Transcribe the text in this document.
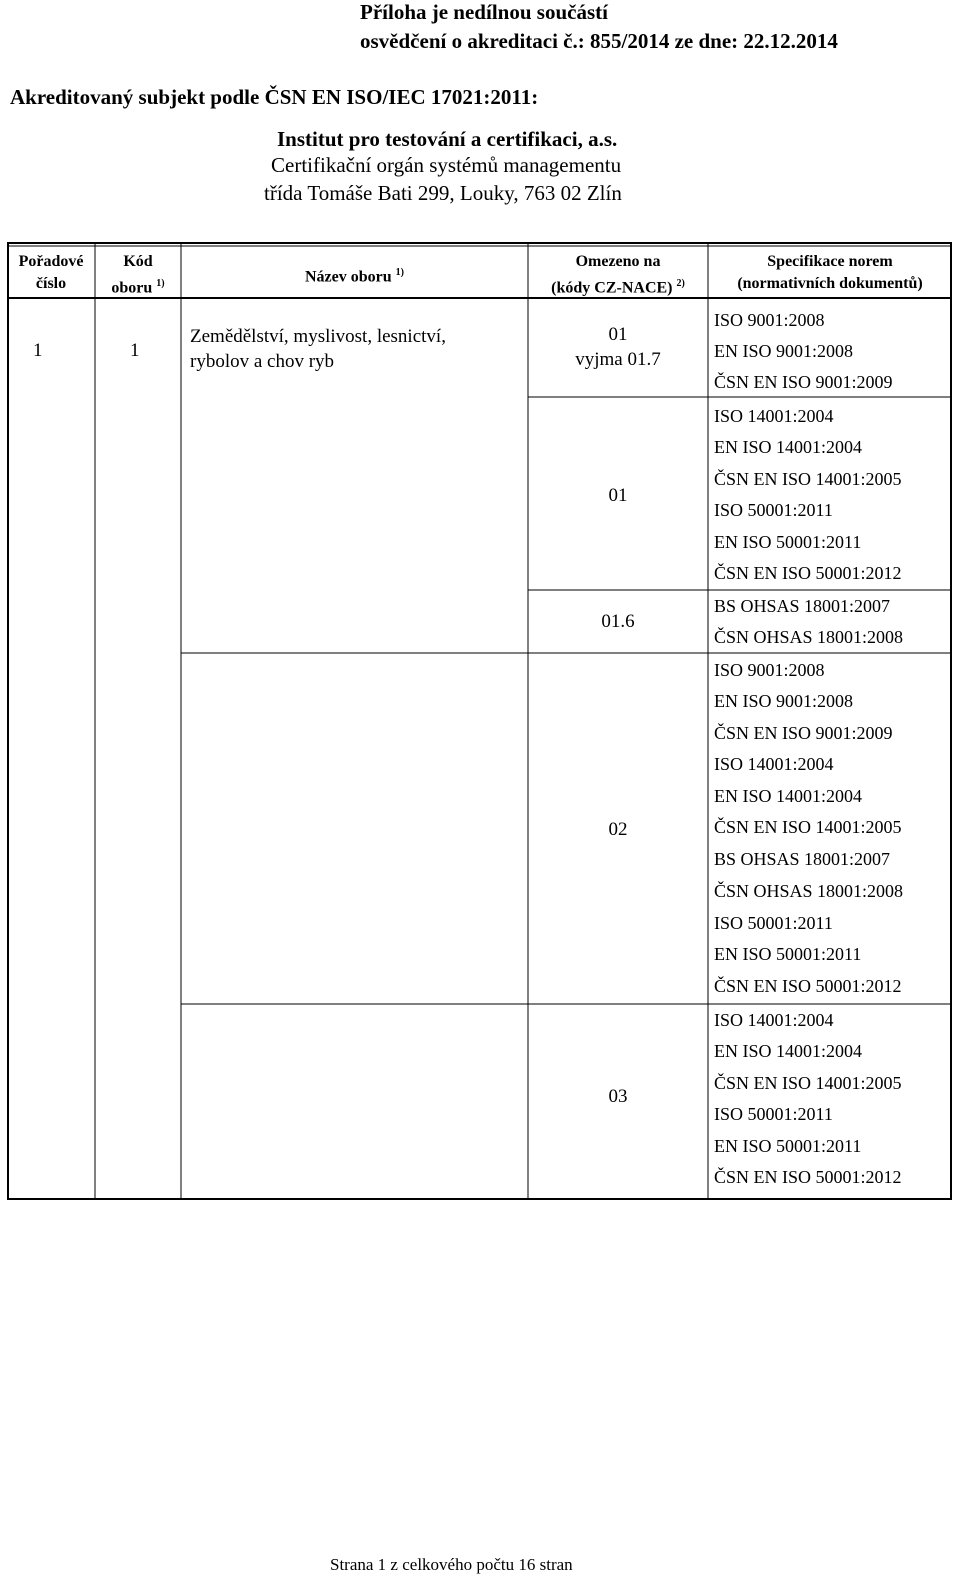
Příloha je nedílnou součástí
osvědčení o akreditaci č.: 855/2014 ze dne: 22.12.2014
Akreditovaný subjekt podle ČSN EN ISO/IEC 17021:2011:
Institut pro testování a certifikaci, a.s.
Certifikační orgán systémů managementu
třída Tomáše Bati 299, Louky, 763 02 Zlín
Pořadové
číslo
Kód
oboru $^{1)}$	Název oboru $^{1)}$
Omezeno na
(kódy CZ-NACE) $^{2)}$
Specifikace norem
(normativních dokumentů)
1	1
Zemědělství, myslivost, lesnictví,
rybolov a chov ryb
01
vyjma 01.7
01
01.6
02
03
ISO 9001:2008
EN ISO 9001:2008
ČSN EN ISO 9001:2009
ISO 14001:2004
EN ISO 14001:2004
ČSN EN ISO 14001:2005
ISO 50001:2011
EN ISO 50001:2011
ČSN EN ISO 50001:2012
BS OHSAS 18001:2007
ČSN OHSAS 18001:2008
ISO 9001:2008
EN ISO 9001:2008
ČSN EN ISO 9001:2009
ISO 14001:2004
EN ISO 14001:2004
ČSN EN ISO 14001:2005
BS OHSAS 18001:2007
ČSN OHSAS 18001:2008
ISO 50001:2011
EN ISO 50001:2011
ČSN EN ISO 50001:2012
ISO 14001:2004
EN ISO 14001:2004
ČSN EN ISO 14001:2005
ISO 50001:2011
EN ISO 50001:2011
ČSN EN ISO 50001:2012
Strana 1 z celkového počtu 16 stran
